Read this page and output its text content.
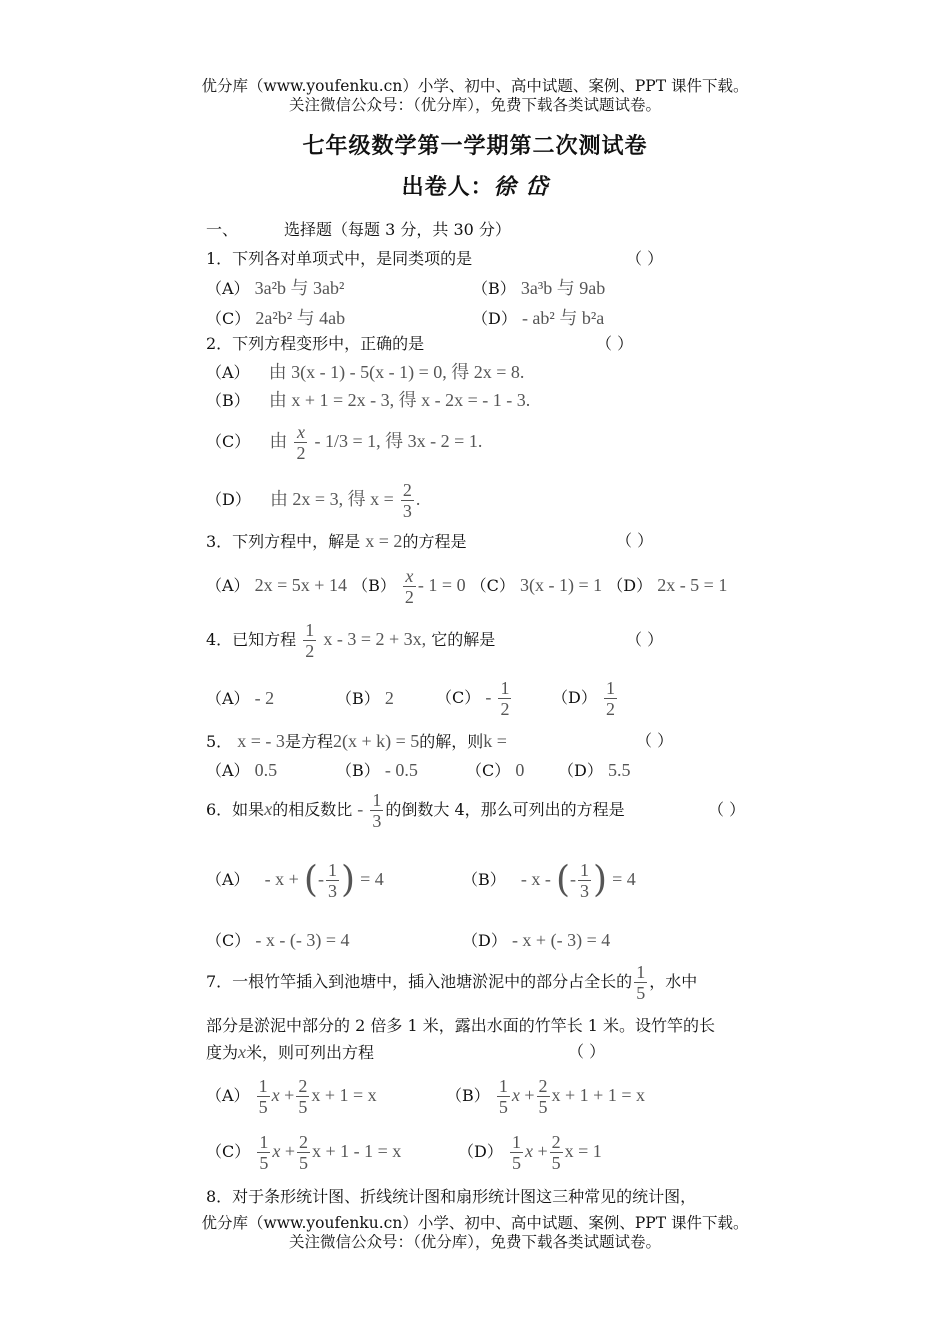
优分库（www.youfenku.cn）小学、初中、高中试题、案例、PPT 课件下载。
关注微信公众号：（优分库），免费下载各类试题试卷。
七年级数学第一学期第二次测试卷
出卷人：徐 岱
一、	选择题（每题 3 分，共 30 分）
1．下列各对单项式中，是同类项的是	（ ）
（A） 3a²b 与 3ab²	（B） 3a³b 与 9ab
（C） 2a²b² 与 4ab	（D） - ab² 与 b²a
2．下列方程变形中，正确的是	（ ）
（A） 由 3(x - 1) - 5(x - 1) = 0, 得 2x = 8.
（B） 由 x + 1 = 2x - 3, 得 x - 2x = - 1 - 3.
（C） 由 $\frac{x}{2} - 1/3 = 1$, 得 3x - 2 = 1.
（D） 由 2x = 3, 得 $x = \frac{2}{3}$ .
3．下列方程中，解是 x = 2的方程是	（ ）
（A） 2x = 5x + 14 $(B) \frac{x}{2} - 1 = 0$ （C） 3(x - 1) = 1 （D） 2x - 5 = 1
4．已知方程 $\frac{1}{2}$ x - 3 = 2 + 3x, 它的解是	（ ）
（A） - 2	（B） 2	$(C) - \frac{1}{2}$	$(D) \frac{1}{2}$
5． x = - 3是方程2(x + k) = 5的解，则k =	（ ）
（A） 0.5	（B） - 0.5	（C） 0 （D） 5.5
6．如果x的相反数比 - $\frac{1}{3}$ 的倒数大 4，那么可列出的方程是	（ ）
（A） - x + (- $\frac{1}{3}$ ) = 4	（B） - x - (- $\frac{1}{3}$ ) = 4
（C） - x - (- 3) = 4	（D） - x + (- 3) = 4
7．一根竹竿插入到池塘中，插入池塘淤泥中的部分占全长的 $\frac{1}{5}$ ，水中
部分是淤泥中部分的 2 倍多 1 米，露出水面的竹竿长 1 米。设竹竿的长
度为x米，则可列出方程	（ ）
$(A) \frac{1}{5}$ $x + \frac{2}{5}$ x + 1 = x	$(B) \frac{1}{5}$ $x + \frac{2}{5}$ x + 1 + 1 = x
$(C) \frac{1}{5}$ $x + \frac{2}{5}$ x + 1 - 1 = x	$(D) \frac{1}{5}$ $x + \frac{2}{5}$ x = 1
8．对于条形统计图、折线统计图和扇形统计图这三种常见的统计图，
优分库（www.youfenku.cn）小学、初中、高中试题、案例、PPT 课件下载。
关注微信公众号：（优分库），免费下载各类试题试卷。
